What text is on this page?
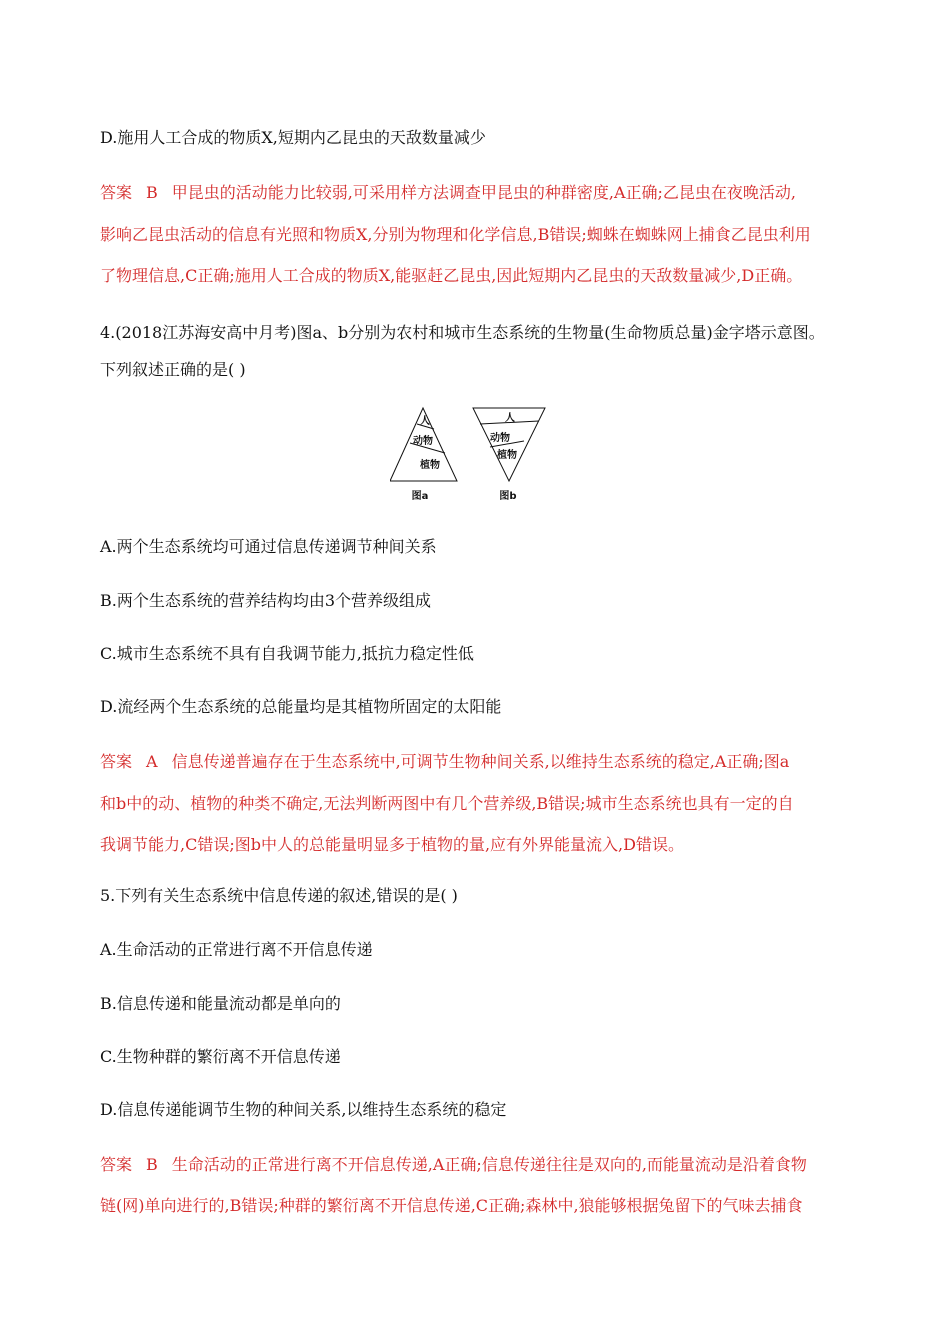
D.施用人工合成的物质X,短期内乙昆虫的天敌数量减少
答案 B 甲昆虫的活动能力比较弱,可采用样方法调查甲昆虫的种群密度,A正确;乙昆虫在夜晚活动,
影响乙昆虫活动的信息有光照和物质X,分别为物理和化学信息,B错误;蜘蛛在蜘蛛网上捕食乙昆虫利用
了物理信息,C正确;施用人工合成的物质X,能驱赶乙昆虫,因此短期内乙昆虫的天敌数量减少,D正确。
4.(2018江苏海安高中月考)图a、b分别为农村和城市生态系统的生物量(生命物质总量)金字塔示意图。
下列叙述正确的是( )
人
动物
植物
图a
人
动物
植物
图b
A.两个生态系统均可通过信息传递调节种间关系
B.两个生态系统的营养结构均由3个营养级组成
C.城市生态系统不具有自我调节能力,抵抗力稳定性低
D.流经两个生态系统的总能量均是其植物所固定的太阳能
答案 A 信息传递普遍存在于生态系统中,可调节生物种间关系,以维持生态系统的稳定,A正确;图a
和b中的动、植物的种类不确定,无法判断两图中有几个营养级,B错误;城市生态系统也具有一定的自
我调节能力,C错误;图b中人的总能量明显多于植物的量,应有外界能量流入,D错误。
5.下列有关生态系统中信息传递的叙述,错误的是( )
A.生命活动的正常进行离不开信息传递
B.信息传递和能量流动都是单向的
C.生物种群的繁衍离不开信息传递
D.信息传递能调节生物的种间关系,以维持生态系统的稳定
答案 B 生命活动的正常进行离不开信息传递,A正确;信息传递往往是双向的,而能量流动是沿着食物
链(网)单向进行的,B错误;种群的繁衍离不开信息传递,C正确;森林中,狼能够根据兔留下的气味去捕食
